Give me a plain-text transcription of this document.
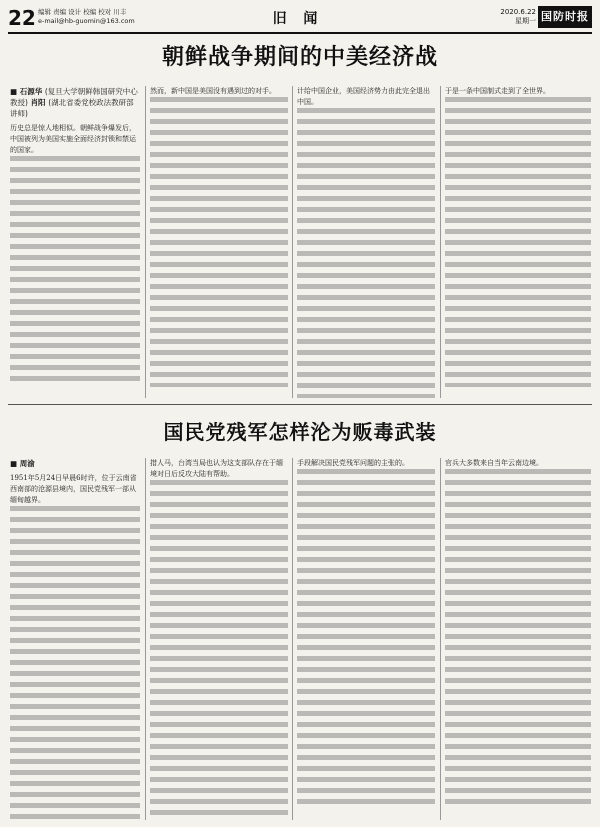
22 编辑 责编 设计 校编 校对 川丰
e-mail@hb-guomin@163.com	旧 闻	2020.6.22
星期一 国防时报
朝鲜战争期间的中美经济战
■ 石源华 (复旦大学朝鲜韩国研究中心教授) 肖阳 (湖北省委党校政法教研部讲师)
历史总是惊人地相似。朝鲜战争爆发后，中国被列为美国实施全面经济封锁和禁运的国家。
然而，新中国是美国没有遇到过的对手。	计给中国企业，美国经济势力由此完全退出中国。
于是一条中国制式走到了全世界。
国民党残军怎样沦为贩毒武装
■ 周渝
1951年5月24日早晨6时许，位于云南省西南部的沧源县境内，国民党残军一部从缅甸越界。
措人马，台湾当局也认为这支部队存在于缅境对日后反攻大陆有帮助。
手段解决国民党残军问题的主张的。	官兵大多数来自当年云南边境。
